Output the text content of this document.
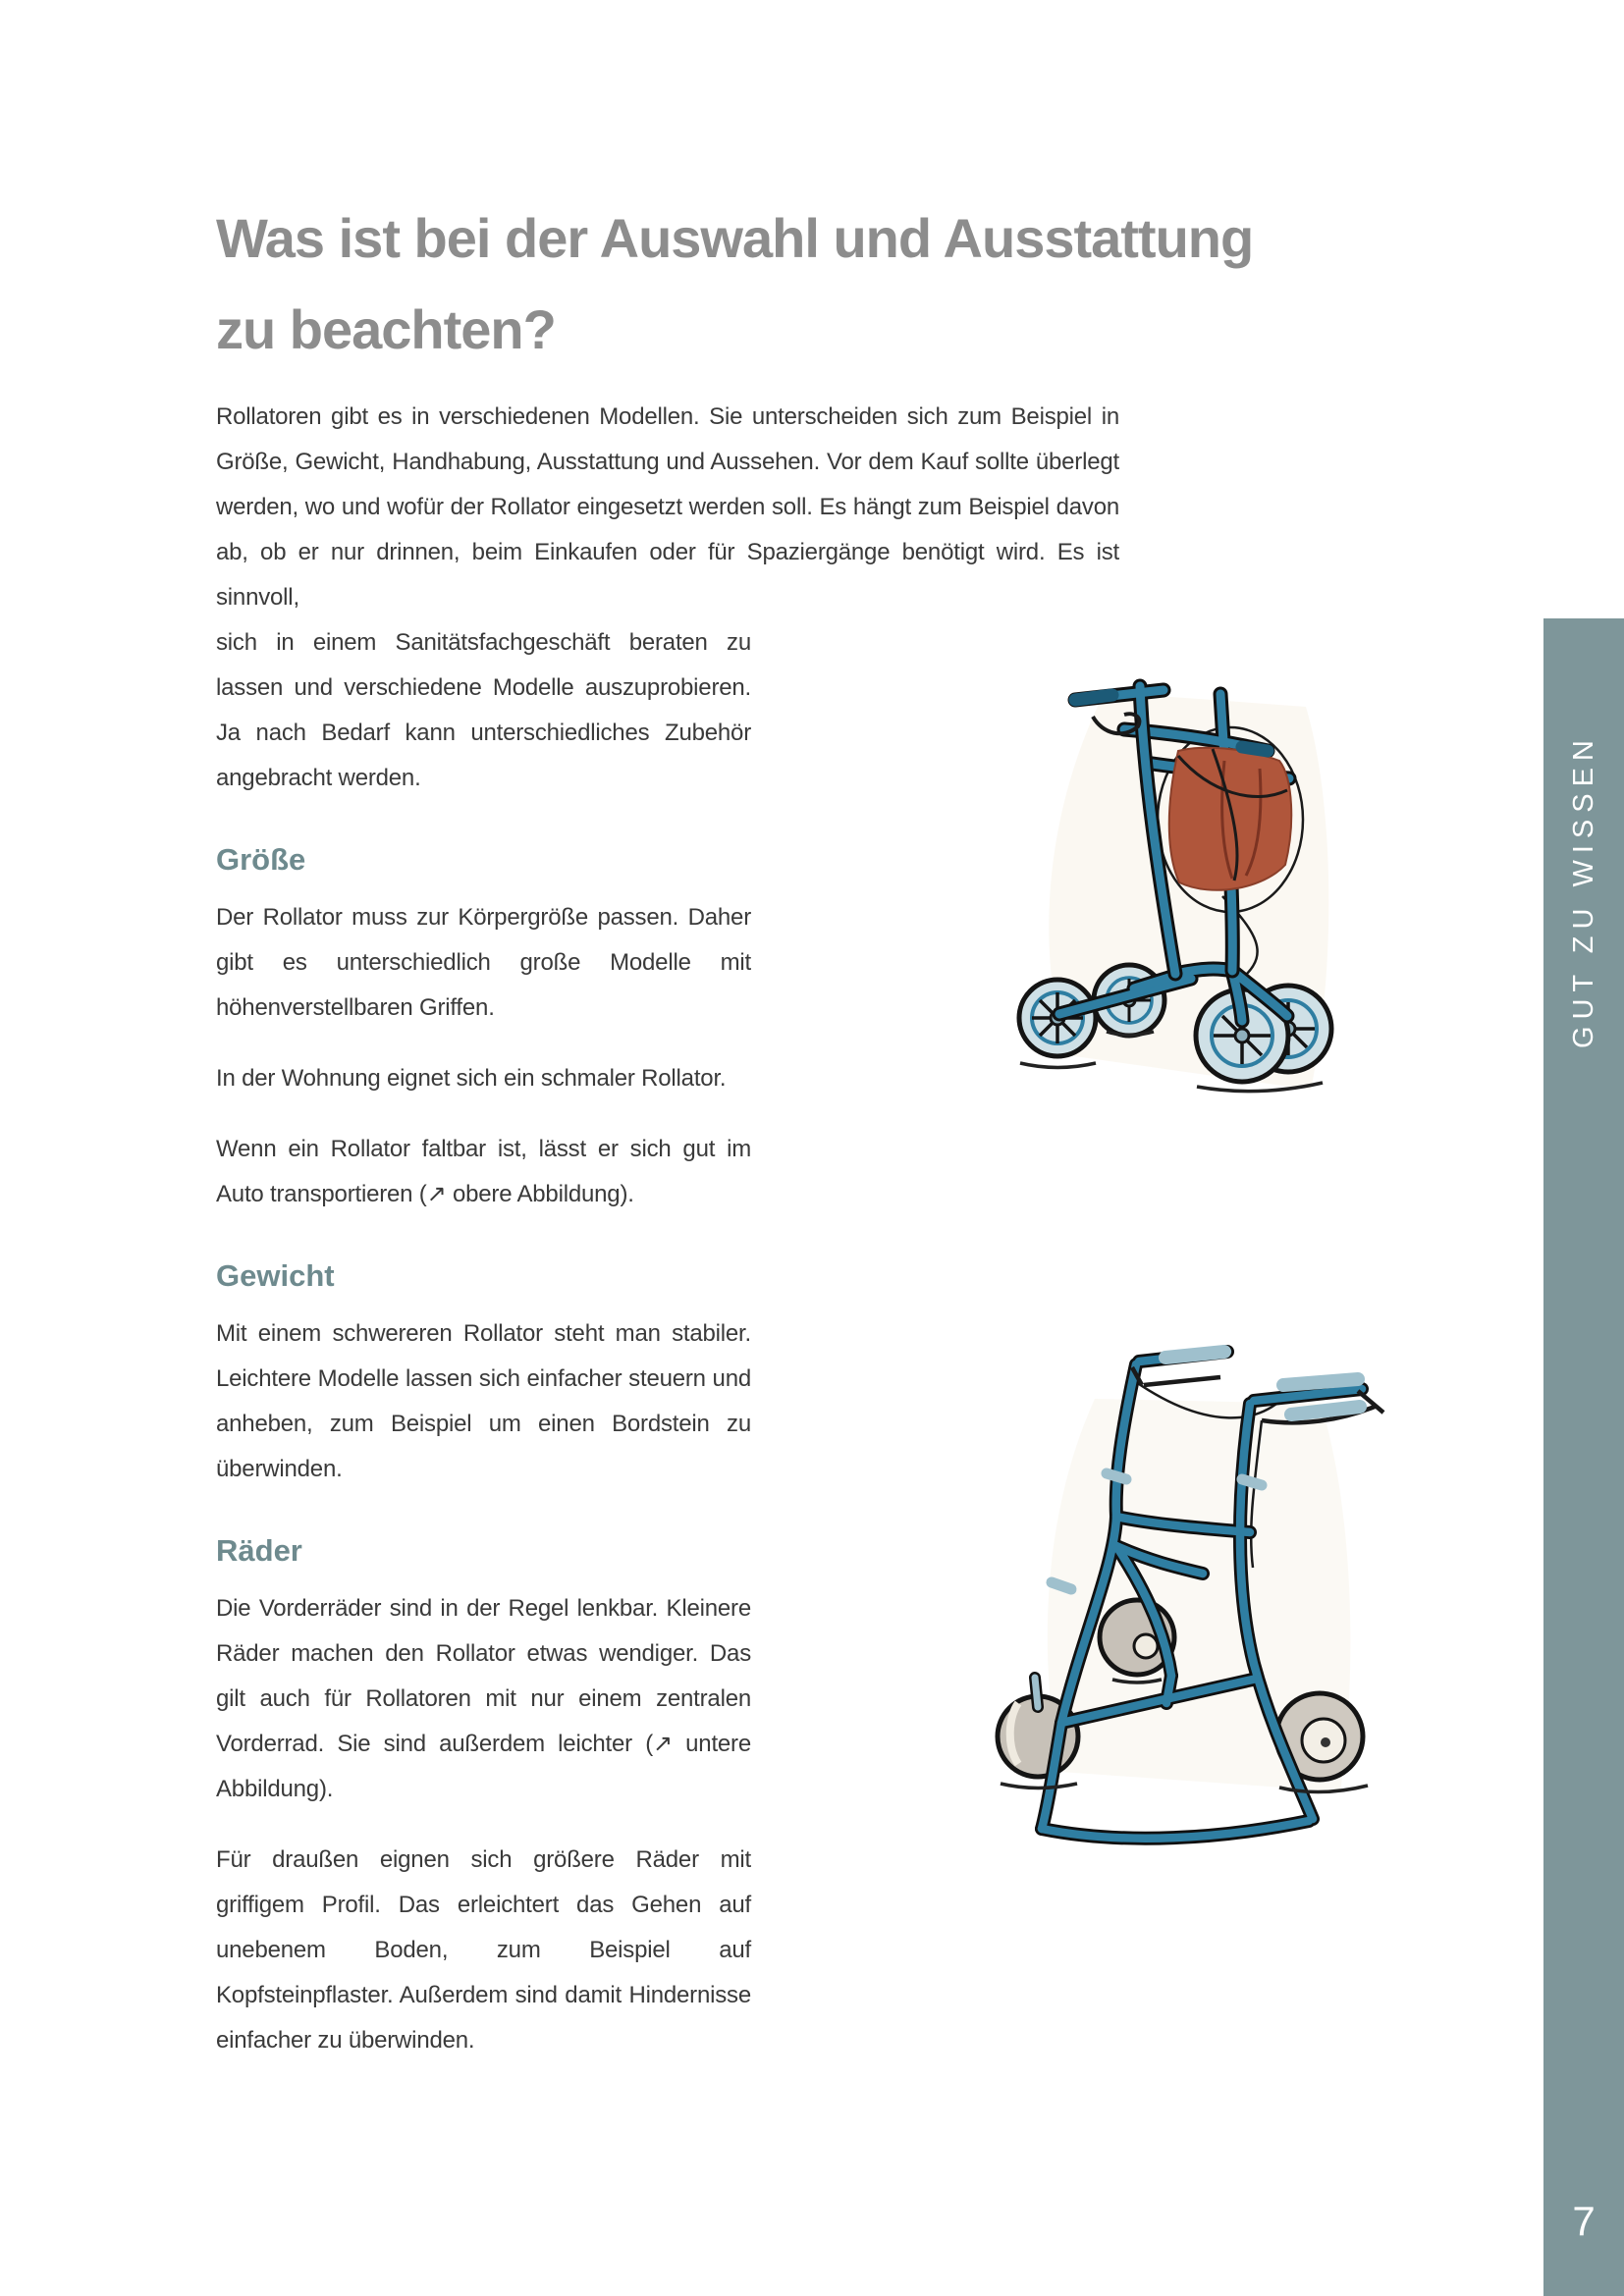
Was ist bei der Auswahl und Ausstattung
zu beachten?

Rollatoren gibt es in verschiedenen Modellen. Sie unterscheiden sich zum Beispiel in Größe, Gewicht, Handhabung, Ausstattung und Aussehen. Vor dem Kauf sollte überlegt werden, wo und wofür der Rollator eingesetzt werden soll. Es hängt zum Beispiel davon ab, ob er nur drinnen, beim Einkaufen oder für Spaziergänge benötigt wird. Es ist sinnvoll,

sich in einem Sanitätsfachgeschäft beraten zu lassen und verschiedene Modelle auszuprobieren. Ja nach Bedarf kann unterschiedliches Zubehör angebracht werden.

Größe

Der Rollator muss zur Körpergröße passen. Daher gibt es unterschiedlich große Modelle mit höhenverstellbaren Griffen.

In der Wohnung eignet sich ein schmaler Rollator.

Wenn ein Rollator faltbar ist, lässt er sich gut im Auto transportieren (↗ obere Abbildung).

Gewicht

Mit einem schwereren Rollator steht man stabiler. Leichtere Modelle lassen sich einfacher steuern und anheben, zum Beispiel um einen Bordstein zu überwinden.

Räder

Die Vorderräder sind in der Regel lenkbar. Kleinere Räder machen den Rollator etwas wendiger. Das gilt auch für Rollatoren mit nur einem zentralen Vorderrad. Sie sind außerdem leichter (↗ untere Abbildung).

Für draußen eignen sich größere Räder mit griffigem Profil. Das erleichtert das Gehen auf unebenem Boden, zum Beispiel auf Kopfsteinpflaster. Außerdem sind damit Hindernisse einfacher zu überwinden.

GUT ZU WISSEN
7
